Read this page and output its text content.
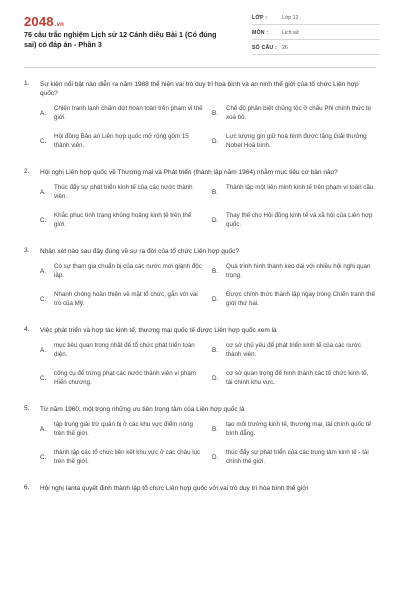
2048.vn
76 câu trắc nghiệm Lịch sử 12 Cánh diều Bài 1 (Có đúng sai) có đáp án - Phần 3
LỚP :	Lớp 12
MÔN :	Lịch sử
SỐ CÂU : 26
1. Sự kiện nổi bật nào diễn ra năm 1988 thể hiện vai trò duy trì hoà bình và an ninh thế giới của tổ chức Liên hợp quốc?
A.
Chiến tranh lạnh chấm dứt hoàn toàn trên phạm vi thế giới.
B.
Chế độ phân biệt chủng tộc ở châu Phi chính thức bị xoá bỏ.
C.
Hội đồng Bảo an Liên hợp quốc mở rộng gồm 15 thành viên.
D.
Lực lượng gìn giữ hoà bình được tặng Giải thưởng Nobel Hoà bình.
2. Hội nghị Liên hợp quốc về Thương mại và Phát triển (thành lập năm 1964) nhằm mục tiêu cơ bản nào?
A.
Thúc đẩy sự phát triển kinh tế của các nước thành viên.
B.
Thành lập một liên minh kinh tế trên phạm vi toàn cầu.
C.
Khắc phục tình trạng khủng hoảng kinh tế trên thế giới.
D.
Thay thế cho Hội đồng kinh tế và xã hội của Liên hợp quốc.
3. Nhận xét nào sau đây đúng về sự ra đời của tổ chức Liên hợp quốc?
A.
Có sự tham gia chuẩn bị của các nước mới giành độc lập.
B.
Quá trình hình thành kéo dài với nhiều hội nghị quan trọng.
C.
Nhanh chóng hoàn thiện về mặt tổ chức, gắn với vai trò của Mỹ.
D.
Được chính thức thành lập ngay trong Chiến tranh thế giới thứ hai.
4. Việc phát triển và hợp tác kinh tế, thương mại quốc tế được Liên hợp quốc xem là
A.
mục tiêu quan trọng nhất để tổ chức phát triển toàn diện.
B.
cơ sở chủ yếu để phát triển kinh tế của các nước thành viên.
C.
công cụ để trừng phạt các nước thành viên vi phạm Hiến chương.
D.
cơ sở quan trọng để hình thành các tổ chức kinh tế, tài chính khu vực.
5. Từ năm 1960, một trong những ưu tiên trọng tâm của Liên hợp quốc là
A.
tập trung giải trừ quân bị ở các khu vực điểm nóng trên thế giới.
B.
tạo môi trường kinh tế, thương mại, tài chính quốc tế bình đẳng.
C.
thành lập các tổ chức liên kết khu vực ở các châu lục trên thế giới.
D.
thúc đẩy sự phát triển của các trung tâm kinh tế - tài chính thế giới.
6. Hội nghị Ianta quyết định thành lập tổ chức Liên hợp quốc với vai trò duy trì hòa bình thế giới
